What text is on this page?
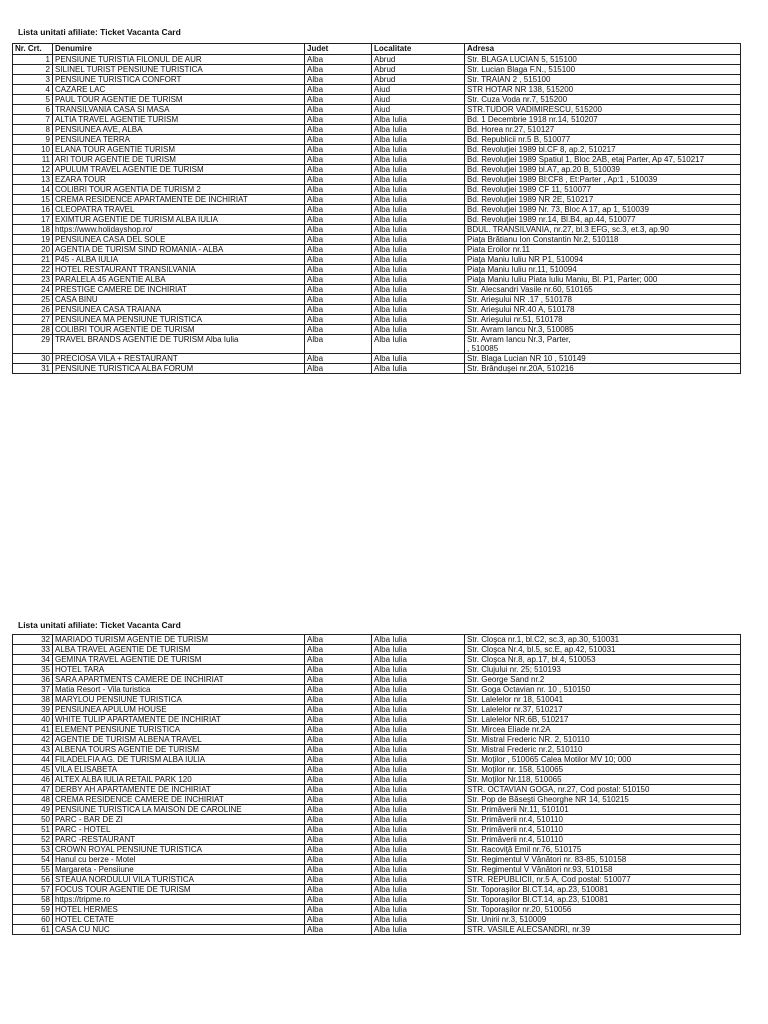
Lista unitati afiliate: Ticket Vacanta Card
Nr. Crt.	Denumire	Judet	Localitate	Adresa
1	PENSIUNE TURISTIA FILONUL DE AUR	Alba	Abrud	Str. BLAGA LUCIAN 5, 515100
2	SILINEL TURIST PENSIUNE TURISTICA	Alba	Abrud	Str. Lucian Blaga F.N., 515100
3	PENSIUNE TURISTICA CONFORT	Alba	Abrud	Str. TRAIAN 2 , 515100
4	CAZARE LAC	Alba	Aiud	STR HOTAR NR 138, 515200
5	PAUL TOUR AGENTIE DE TURISM	Alba	Aiud	Str. Cuza Voda nr.7, 515200
6	TRANSILVANIA CASA SI MASA	Alba	Aiud	STR.TUDOR VADIMIRESCU, 515200
7	ALTIA TRAVEL AGENTIE TURISM	Alba	Alba Iulia	Bd. 1 Decembrie 1918 nr.14, 510207
8	PENSIUNEA AVE, ALBA	Alba	Alba Iulia	Bd. Horea nr.27, 510127
9	PENSIUNEA TERRA	Alba	Alba Iulia	Bd. Republicii nr.5 B, 510077
10	ELANA TOUR AGENTIE TURISM	Alba	Alba Iulia	Bd. Revoluţiei 1989 bl.CF 8, ap.2, 510217
11	ARI TOUR AGENTIE DE TURISM	Alba	Alba Iulia	Bd. Revoluţiei 1989 Spatiul 1, Bloc 2AB, etaj Parter, Ap 47, 510217
12	APULUM TRAVEL AGENTIE DE TURISM	Alba	Alba Iulia	Bd. Revoluţiei 1989 bl.A7, ap.20 B, 510039
13	EZARA TOUR	Alba	Alba Iulia	Bd. Revoluţiei 1989 Bl:CF8 , Et:Parter , Ap:1 , 510039
14	COLIBRI TOUR AGENTIA DE TURISM 2	Alba	Alba Iulia	Bd. Revoluţiei 1989 CF 11, 510077
15	CREMA RESIDENCE APARTAMENTE DE INCHIRIAT	Alba	Alba Iulia	Bd. Revoluţiei 1989 NR 2E, 510217
16	CLEOPATRA TRAVEL	Alba	Alba Iulia	Bd. Revoluţiei 1989 Nr. 73, Bloc A 17, ap 1, 510039
17	EXIMTUR AGENTIE DE TURISM ALBA IULIA	Alba	Alba Iulia	Bd. Revoluţiei 1989 nr.14, Bl.B4, ap.44, 510077
18	https://www.holidayshop.ro/	Alba	Alba Iulia	BDUL. TRANSILVANIA, nr.27, bl.3 EFG, sc.3, et.3, ap.90
19	PENSIUNEA CASA DEL SOLE	Alba	Alba Iulia	Piaţa Brătianu Ion Constantin Nr.2, 510118
20	AGENTIA DE TURISM SIND ROMANIA - ALBA	Alba	Alba Iulia	Piata Eroilor nr.11
21	P45 - ALBA IULIA	Alba	Alba Iulia	Piaţa Maniu Iuliu NR P1, 510094
22	HOTEL RESTAURANT TRANSILVANIA	Alba	Alba Iulia	Piaţa Maniu Iuliu nr.11, 510094
23	PARALELA 45 AGENTIE ALBA	Alba	Alba Iulia	Piaţa Maniu Iuliu Piata Iuliu Maniu, Bl. P1, Parter; 000
24	PRESTIGE CAMERE DE INCHIRIAT	Alba	Alba Iulia	Str. Alecsandri Vasile nr.60, 510165
25	CASA BINU	Alba	Alba Iulia	Str. Arieşului NR .17 , 510178
26	PENSIUNEA CASA TRAIANA	Alba	Alba Iulia	Str. Arieşului NR.40 A, 510178
27	PENSIUNEA MA PENSIUNE TURISTICA	Alba	Alba Iulia	Str. Arieşului nr.51, 510178
28	COLIBRI TOUR AGENTIE DE TURISM	Alba	Alba Iulia	Str. Avram Iancu Nr.3, 510085
29	TRAVEL BRANDS AGENTIE DE TURISM Alba Iulia	Alba	Alba Iulia	Str. Avram Iancu Nr.3, Parter,
, 510085
30	PRECIOSA VILA + RESTAURANT	Alba	Alba Iulia	Str. Blaga Lucian NR 10 , 510149
31	PENSIUNE TURISTICA ALBA FORUM	Alba	Alba Iulia	Str. Brânduşei nr.20A, 510216
Lista unitati afiliate: Ticket Vacanta Card
32	MARIADO TURISM AGENTIE DE TURISM	Alba	Alba Iulia	Str. Cloşca nr.1, bl.C2, sc.3, ap.30, 510031
33	ALBA TRAVEL AGENTIE DE TURISM	Alba	Alba Iulia	Str. Cloşca Nr.4, bl.5, sc.E, ap.42, 510031
34	GEMINA TRAVEL AGENTIE DE TURISM	Alba	Alba Iulia	Str. Cloşca Nr.8, ap.17, bl.4, 510053
35	HOTEL TARA	Alba	Alba Iulia	Str. Clujului nr. 25; 510193
36	SARA APARTMENTS CAMERE DE INCHIRIAT	Alba	Alba Iulia	Str. George Sand nr.2
37	Matia Resort - Vila turistica	Alba	Alba Iulia	Str. Goga Octavian nr. 10 , 510150
38	MARYLOU PENSIUNE TURISTICA	Alba	Alba Iulia	Str. Lalelelor nr 18, 510041
39	PENSIUNEA APULUM HOUSE	Alba	Alba Iulia	Str. Lalelelor nr.37, 510217
40	WHITE TULIP APARTAMENTE DE INCHIRIAT	Alba	Alba Iulia	Str. Lalelelor NR.6B, 510217
41	ELEMENT PENSIUNE TURISTICA	Alba	Alba Iulia	Str. Mircea Eliade nr.2A
42	AGENTIE DE TURISM ALBENA TRAVEL	Alba	Alba Iulia	Str. Mistral Frederic NR. 2, 510110
43	ALBENA TOURS AGENTIE DE TURISM	Alba	Alba Iulia	Str. Mistral Frederic nr.2, 510110
44	FILADELFIA AG. DE TURISM ALBA IULIA	Alba	Alba Iulia	Str. Moţilor , 510065 Calea Motilor MV 10; 000
45	VILA ELISABETA	Alba	Alba Iulia	Str. Moţilor nr. 158, 510065
46	ALTEX ALBA IULIA RETAIL PARK 120	Alba	Alba Iulia	Str. Moţilor Nr.118, 510065
47	DERBY AH APARTAMENTE DE INCHIRIAT	Alba	Alba Iulia	STR. OCTAVIAN GOGA, nr.27, Cod postal: 510150
48	CREMA RESIDENCE CAMERE DE INCHIRIAT	Alba	Alba Iulia	Str. Pop de Băseşti Gheorghe NR 14, 510215
49	PENSIUNE TURISTICA LA MAISON DE CAROLINE	Alba	Alba Iulia	Str. Primăverii Nr.11, 510101
50	PARC - BAR DE ZI	Alba	Alba Iulia	Str. Primăverii nr.4, 510110
51	PARC - HOTEL	Alba	Alba Iulia	Str. Primăverii nr.4, 510110
52	PARC -RESTAURANT	Alba	Alba Iulia	Str. Primăverii nr.4, 510110
53	CROWN ROYAL PENSIUNE TURISTICA	Alba	Alba Iulia	Str. Racoviţă Emil nr.76, 510175
54	Hanul cu berze - Motel	Alba	Alba Iulia	Str. Regimentul V Vânători nr. 83-85, 510158
55	Margareta - Pensiiune	Alba	Alba Iulia	Str. Regimentul V Vânători nr.93, 510158
56	STEAUA NORDULUI VILA TURISTICA	Alba	Alba Iulia	STR. REPUBLICII, nr.5 A, Cod postal: 510077
57	FOCUS TOUR AGENTIE DE TURISM	Alba	Alba Iulia	Str. Toporaşilor Bl.CT.14, ap.23, 510081
58	https://tripme.ro	Alba	Alba Iulia	Str. Toporaşilor Bl.CT.14, ap.23, 510081
59	HOTEL HERMES	Alba	Alba Iulia	Str. Toporaşilor nr.20, 510056
60	HOTEL CETATE	Alba	Alba Iulia	Str. Unirii nr.3, 510009
61	CASA CU NUC	Alba	Alba Iulia	STR. VASILE ALECSANDRI, nr.39
